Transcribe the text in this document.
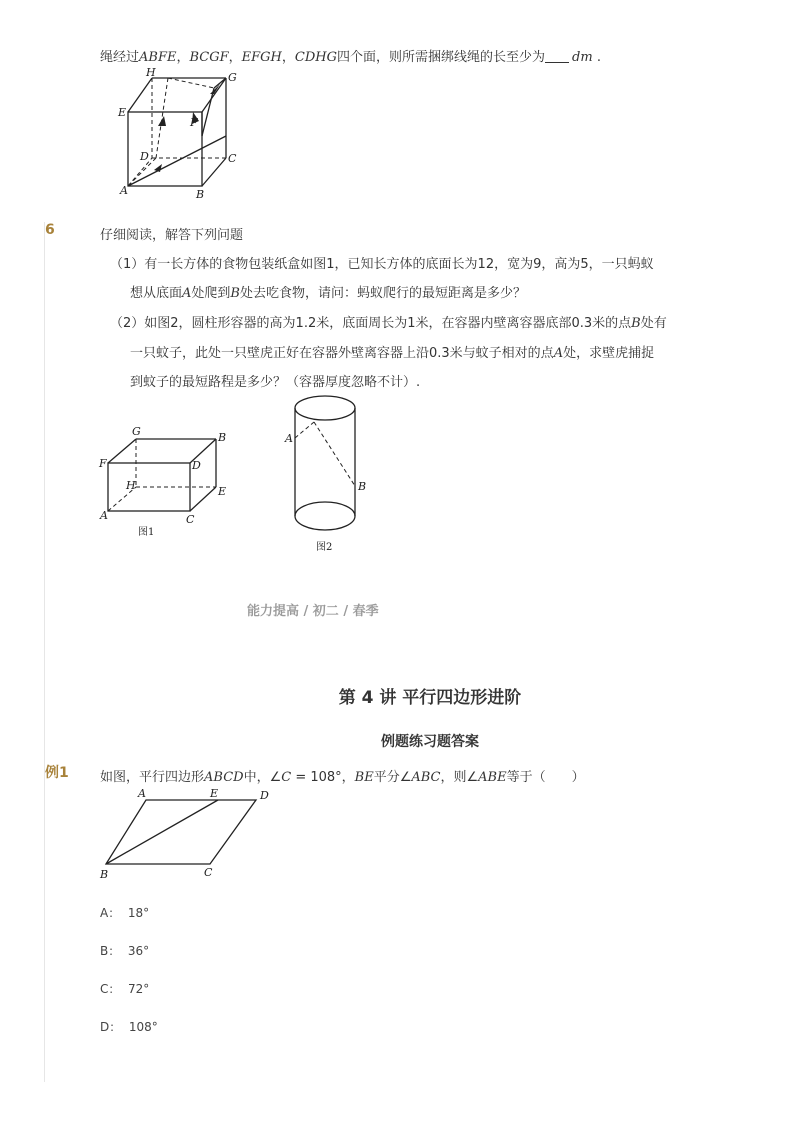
绳经过ABFE，BCGF，EFGH，CDHG四个面，则所需捆绑线绳的长至少为 dm .
H	G
E
F
D	C
A	B
6	仔细阅读，解答下列问题
（1）有一长方体的食物包装纸盒如图1，已知长方体的底面长为12，宽为9，高为5，一只蚂蚁
想从底面A处爬到B处去吃食物，请问：蚂蚁爬行的最短距离是多少？
（2）如图2，圆柱形容器的高为1.2米，底面周长为1米，在容器内壁离容器底部0.3米的点B处有
一只蚊子，此处一只壁虎正好在容器外壁离容器上沿0.3米与蚊子相对的点A处，求壁虎捕捉
到蚊子的最短路程是多少？（容器厚度忽略不计）.
G	B
F	D
H	E
A	C
图1
A
B
图2
能力提高 / 初二 / 春季
第 4 讲 平行四边形进阶
例题练习题答案
例1 如图，平行四边形ABCD中，∠C = 108°，BE平分∠ABC，则∠ABE等于（　　）
A	E	D
B	C
A： 18°
B： 36°
C： 72°
D： 108°
